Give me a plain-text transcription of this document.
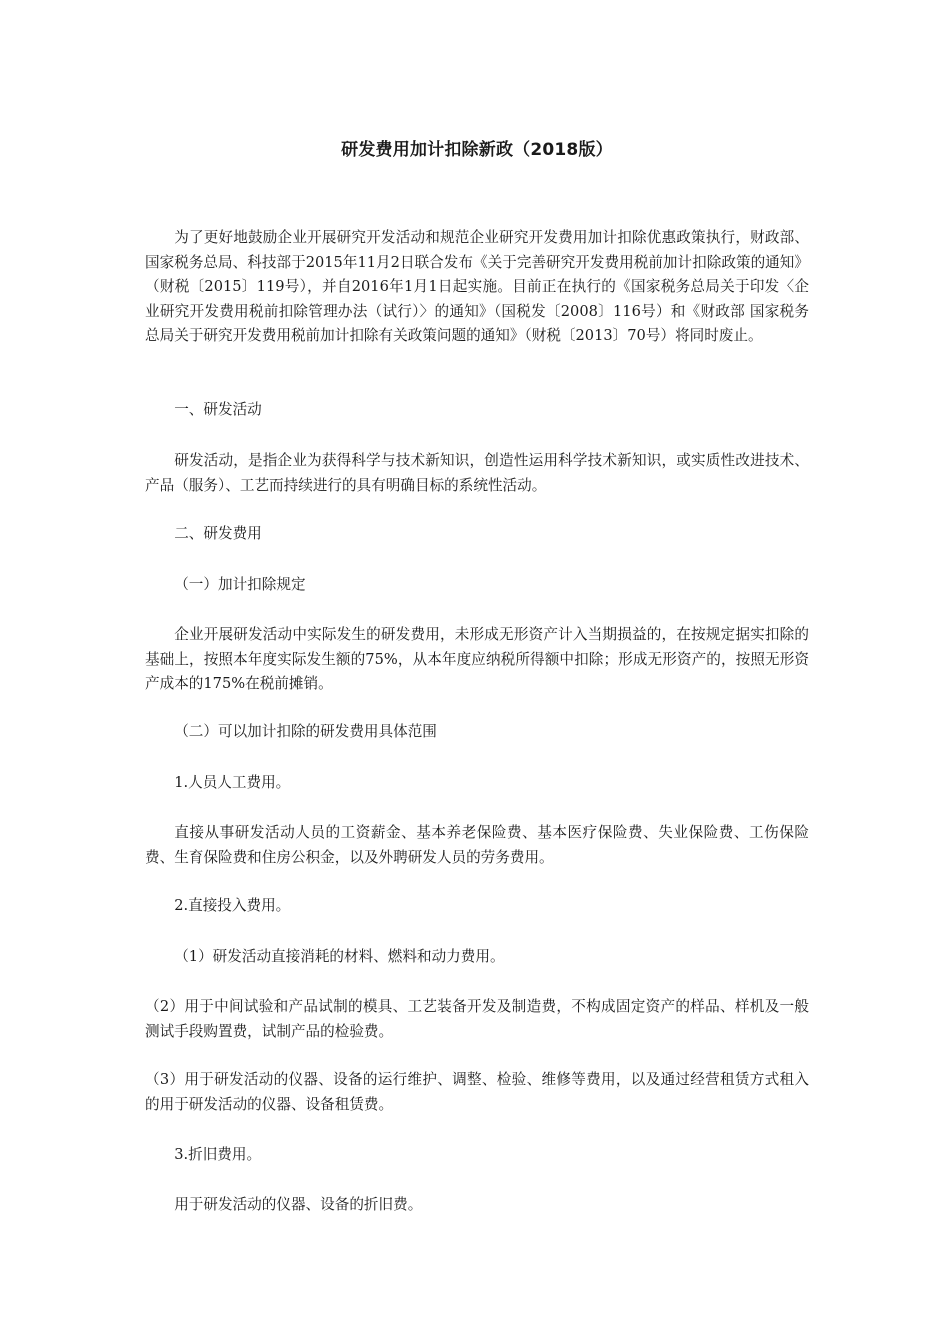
研发费用加计扣除新政（2018版）

为了更好地鼓励企业开展研究开发活动和规范企业研究开发费用加计扣除优惠政策执行，财政部、国家税务总局、科技部于2015年11月2日联合发布《关于完善研究开发费用税前加计扣除政策的通知》（财税〔2015〕119号），并自2016年1月1日起实施。目前正在执行的《国家税务总局关于印发〈企业研究开发费用税前扣除管理办法（试行）〉的通知》（国税发〔2008〕116号）和《财政部 国家税务总局关于研究开发费用税前加计扣除有关政策问题的通知》（财税〔2013〕70号）将同时废止。

一、研发活动

研发活动，是指企业为获得科学与技术新知识，创造性运用科学技术新知识，或实质性改进技术、产品（服务）、工艺而持续进行的具有明确目标的系统性活动。

二、研发费用

（一）加计扣除规定

企业开展研发活动中实际发生的研发费用，未形成无形资产计入当期损益的，在按规定据实扣除的基础上，按照本年度实际发生额的75%，从本年度应纳税所得额中扣除；形成无形资产的，按照无形资产成本的175%在税前摊销。

（二）可以加计扣除的研发费用具体范围

1.人员人工费用。

直接从事研发活动人员的工资薪金、基本养老保险费、基本医疗保险费、失业保险费、工伤保险费、生育保险费和住房公积金，以及外聘研发人员的劳务费用。

2.直接投入费用。

（1）研发活动直接消耗的材料、燃料和动力费用。

（2）用于中间试验和产品试制的模具、工艺装备开发及制造费，不构成固定资产的样品、样机及一般测试手段购置费，试制产品的检验费。

（3）用于研发活动的仪器、设备的运行维护、调整、检验、维修等费用，以及通过经营租赁方式租入的用于研发活动的仪器、设备租赁费。

3.折旧费用。

用于研发活动的仪器、设备的折旧费。
